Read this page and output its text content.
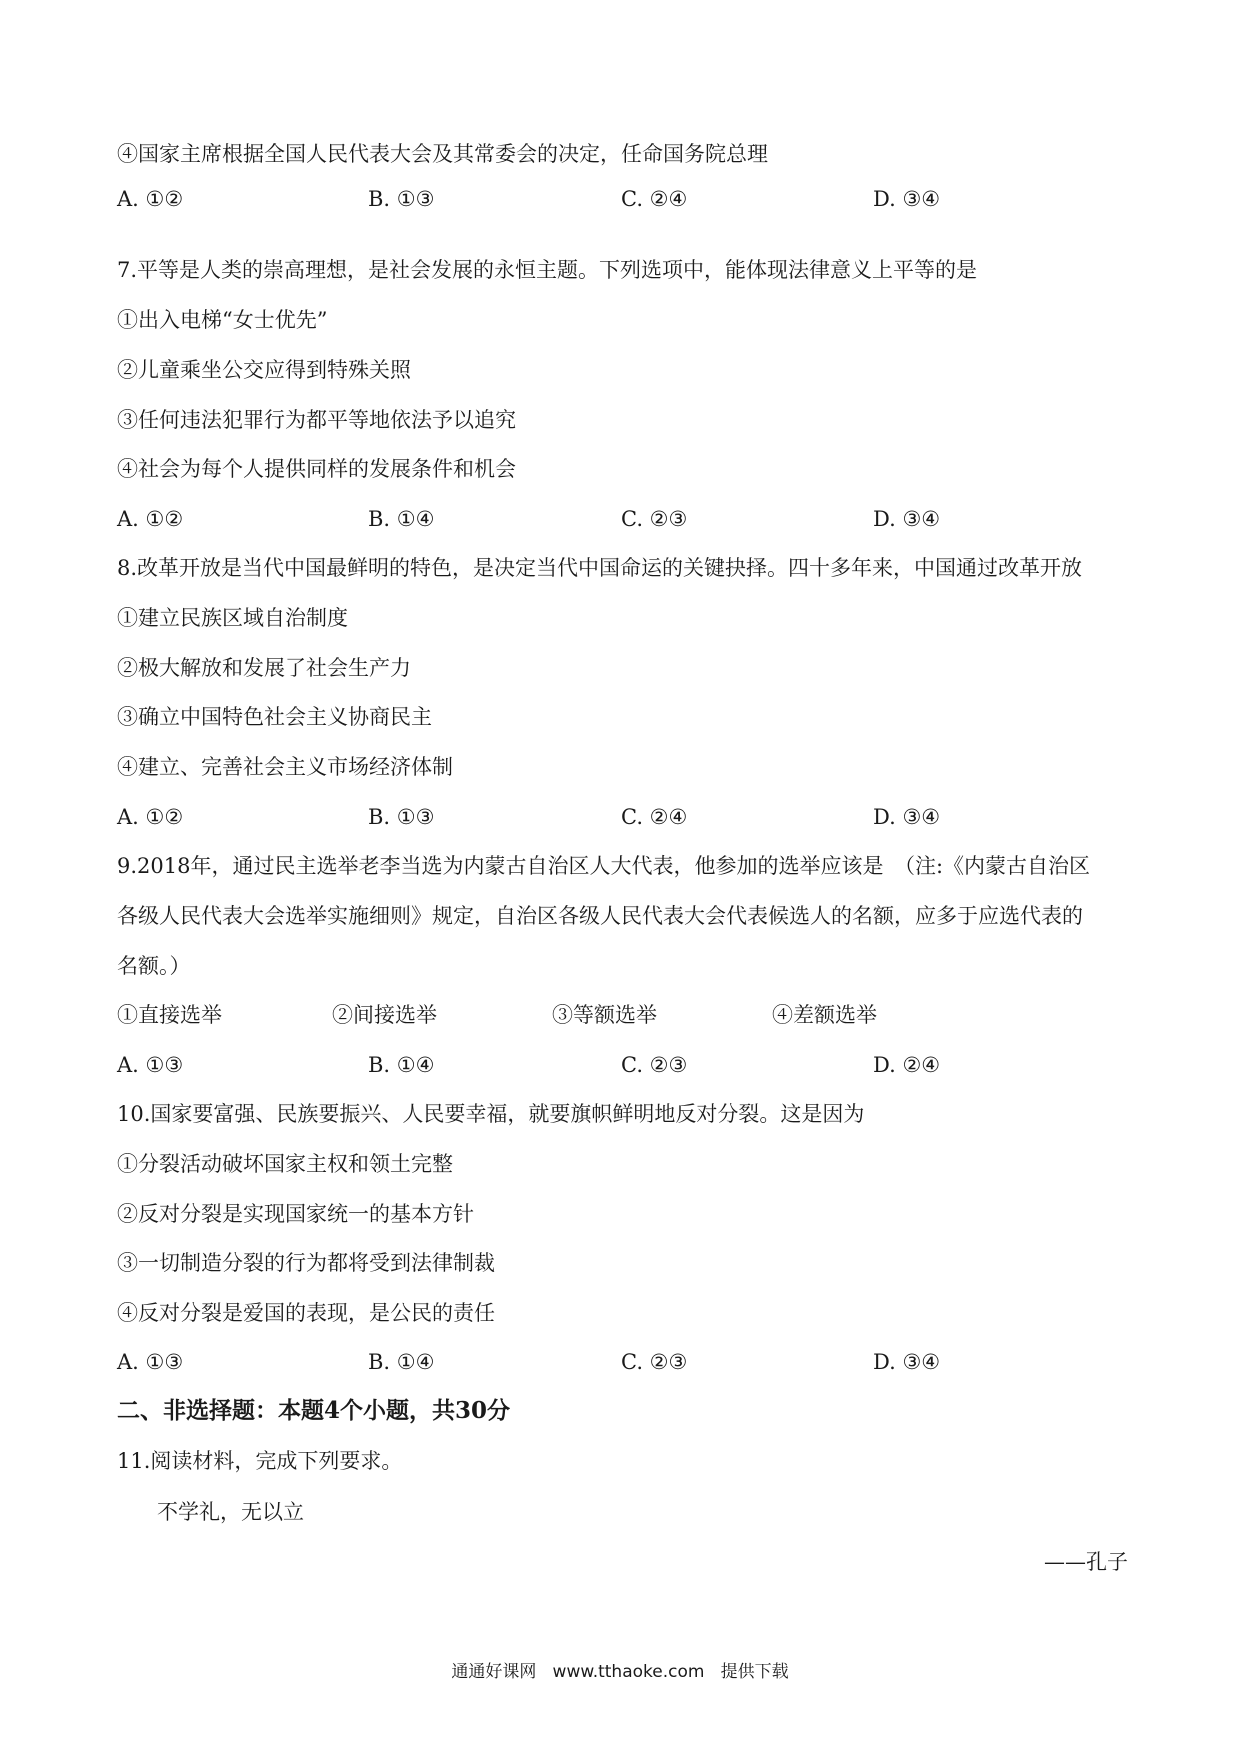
④国家主席根据全国人民代表大会及其常委会的决定，任命国务院总理
A. ①②	B. ①③	C. ②④	D. ③④
7.平等是人类的崇高理想，是社会发展的永恒主题。下列选项中，能体现法律意义上平等的是
①出入电梯“女士优先”
②儿童乘坐公交应得到特殊关照
③任何违法犯罪行为都平等地依法予以追究
④社会为每个人提供同样的发展条件和机会
A. ①②	B. ①④	C. ②③	D. ③④
8.改革开放是当代中国最鲜明的特色，是决定当代中国命运的关键抉择。四十多年来，中国通过改革开放
①建立民族区域自治制度
②极大解放和发展了社会生产力
③确立中国特色社会主义协商民主
④建立、完善社会主义市场经济体制
A. ①②	B. ①③	C. ②④	D. ③④
9.2018年，通过民主选举老李当选为内蒙古自治区人大代表，他参加的选举应该是　（注:《内蒙古自治区
各级人民代表大会选举实施细则》规定，自治区各级人民代表大会代表候选人的名额，应多于应选代表的
名额。）
①直接选举	②间接选举	③等额选举	④差额选举
A. ①③	B. ①④	C. ②③	D. ②④
10.国家要富强、民族要振兴、人民要幸福，就要旗帜鲜明地反对分裂。这是因为
①分裂活动破坏国家主权和领土完整
②反对分裂是实现国家统一的基本方针
③一切制造分裂的行为都将受到法律制裁
④反对分裂是爱国的表现，是公民的责任
A. ①③	B. ①④	C. ②③	D. ③④
二、非选择题：本题4个小题，共30分
11.阅读材料，完成下列要求。
不学礼，无以立
——孔子
通通好课网 www.tthaoke.com 提供下载
